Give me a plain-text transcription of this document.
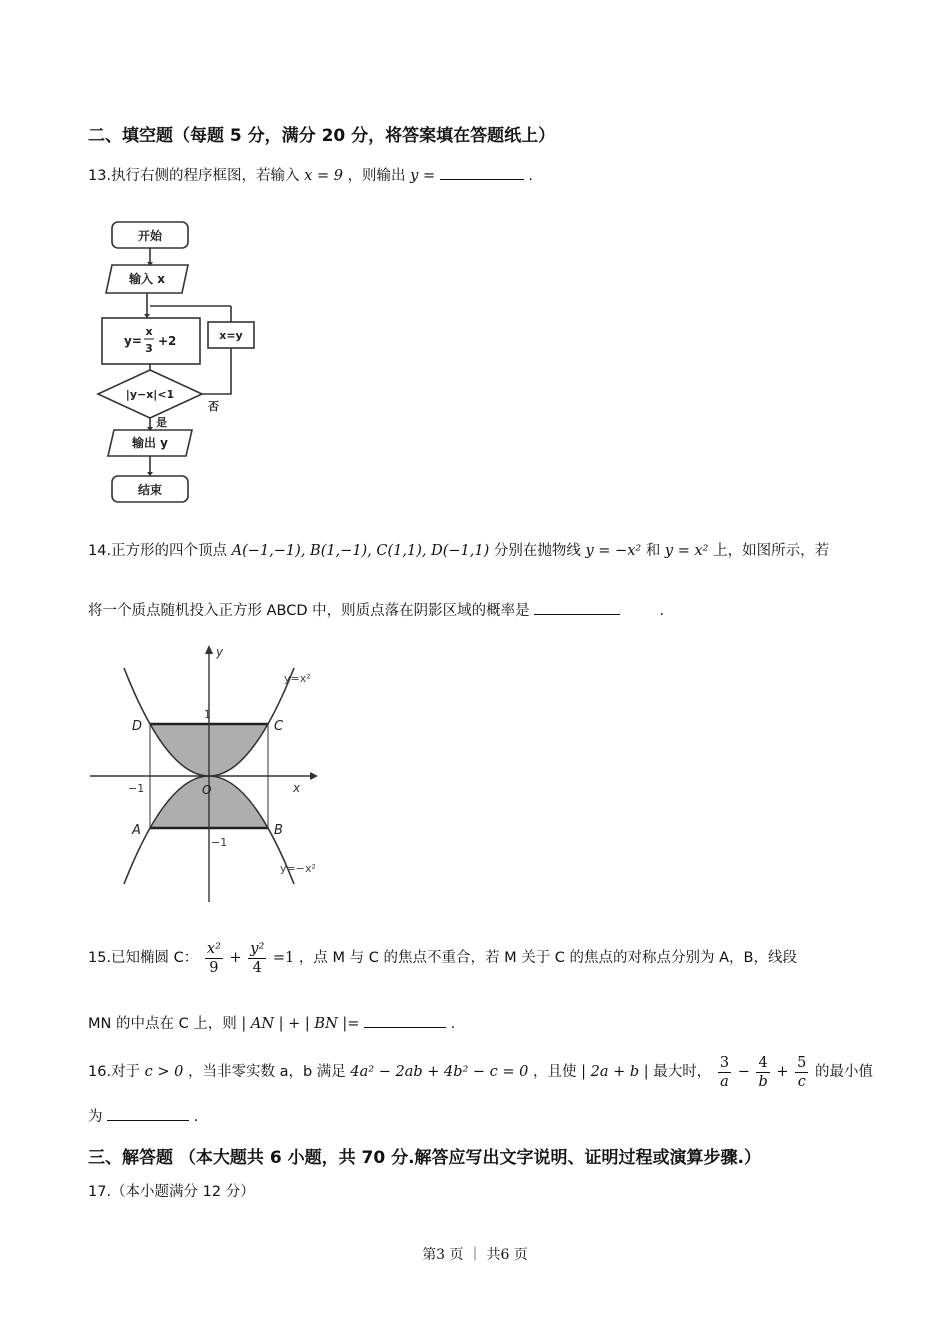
二、填空题（每题 5 分，满分 20 分，将答案填在答题纸上）
13.执行右侧的程序框图，若输入 x = 9 ，则输出 y =	.
开始
输入 x
y=
x
3
+2	x=y
|y−x|<1
是
否
输出 y
结束
14.正方形的四个顶点 A(−1,−1), B(1,−1), C(1,1), D(−1,1) 分别在抛物线 y = −x² 和 y = x² 上，如图所示，若
将一个质点随机投入正方形 ABCD 中，则质点落在阴影区域的概率是	.
y
x
y=x²
y=−x²
D	C
A	B
O
1
−1
−1
15.已知椭圆 C： $\frac{\text{x²}}{9} + \frac{\text{y²}}{4} =1$ ，点 M 与 C 的焦点不重合，若 M 关于 C 的焦点的对称点分别为 A，B，线段
MN 的中点在 C 上，则 | AN | + | BN |=	.
16.对于 c > 0 ，当非零实数 a，b 满足 4a² − 2ab + 4b² − c = 0 ，且使 | 2a + b | 最大时， $\frac{3}{a} - \frac{4}{b} + \frac{5}{c}$ 的最小值
为	.
三、解答题 （本大题共 6 小题，共 70 分.解答应写出文字说明、证明过程或演算步骤.）
17.（本小题满分 12 分）
第3 页 ｜ 共6 页
